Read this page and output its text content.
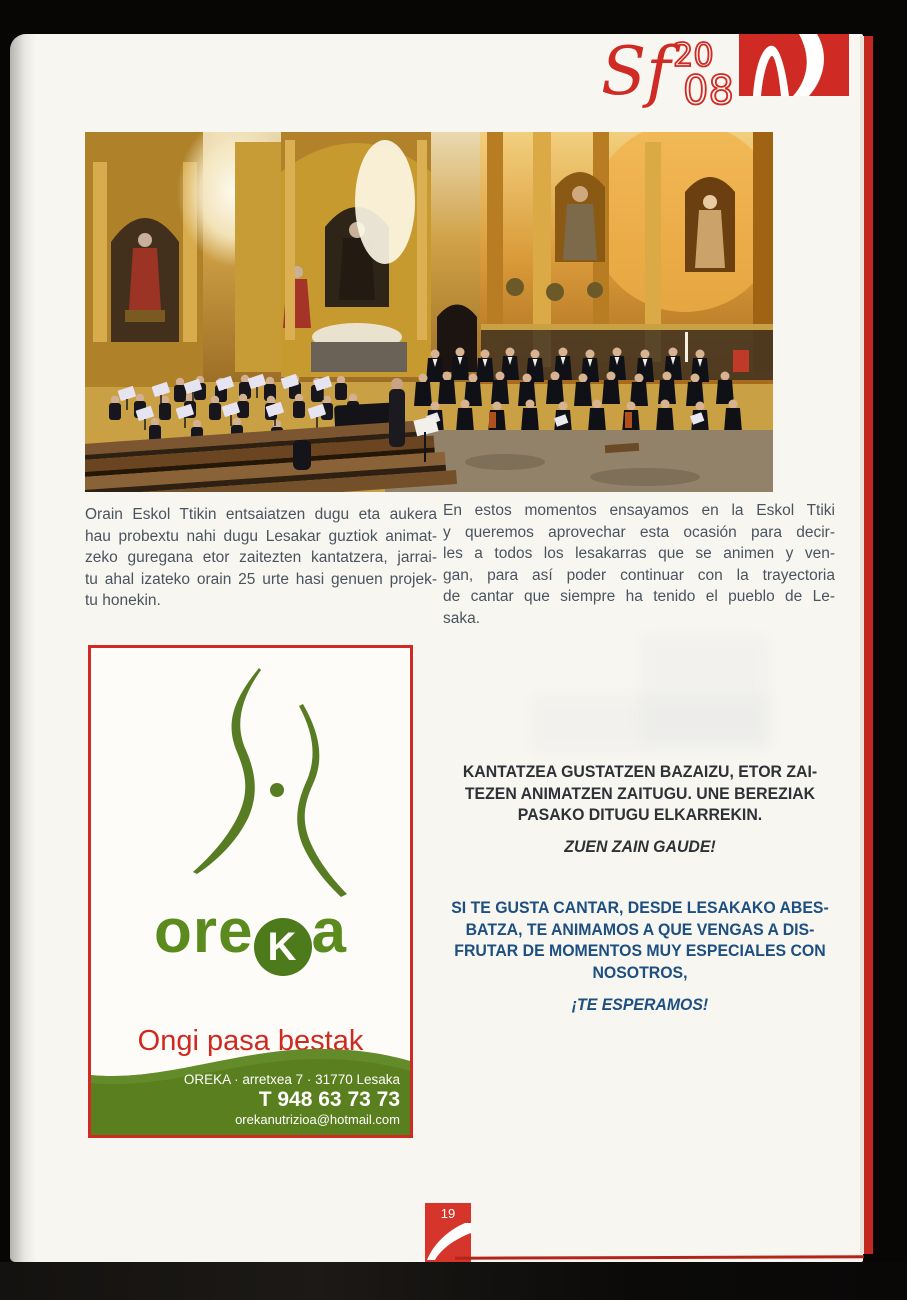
Sf 20
08
Orain Eskol Ttikin entsaiatzen dugu eta aukera
hau probextu nahi dugu Lesakar guztiok animat-
zeko guregana etor zaitezten kantatzera, jarrai-
tu ahal izateko orain 25 urte hasi genuen projek-
tu honekin.
En estos momentos ensayamos en la Eskol Ttiki
y queremos aprovechar esta ocasión para decir-
les a todos los lesakarras que se animen y ven-
gan, para así poder continuar con la trayectoria
de cantar que siempre ha tenido el pueblo de Le-
saka.
ore K a
Ongi pasa bestak
OREKA · arretxea 7 · 31770 Lesaka
T 948 63 73 73
orekanutrizioa@hotmail.com
KANTATZEA GUSTATZEN BAZAIZU, ETOR ZAI-
TEZEN ANIMATZEN ZAITUGU. UNE BEREZIAK
PASAKO DITUGU ELKARREKIN.
ZUEN ZAIN GAUDE!
SI TE GUSTA CANTAR, DESDE LESAKAKO ABES-
BATZA, TE ANIMAMOS A QUE VENGAS A DIS-
FRUTAR DE MOMENTOS MUY ESPECIALES CON
NOSOTROS,
¡TE ESPERAMOS!
19
